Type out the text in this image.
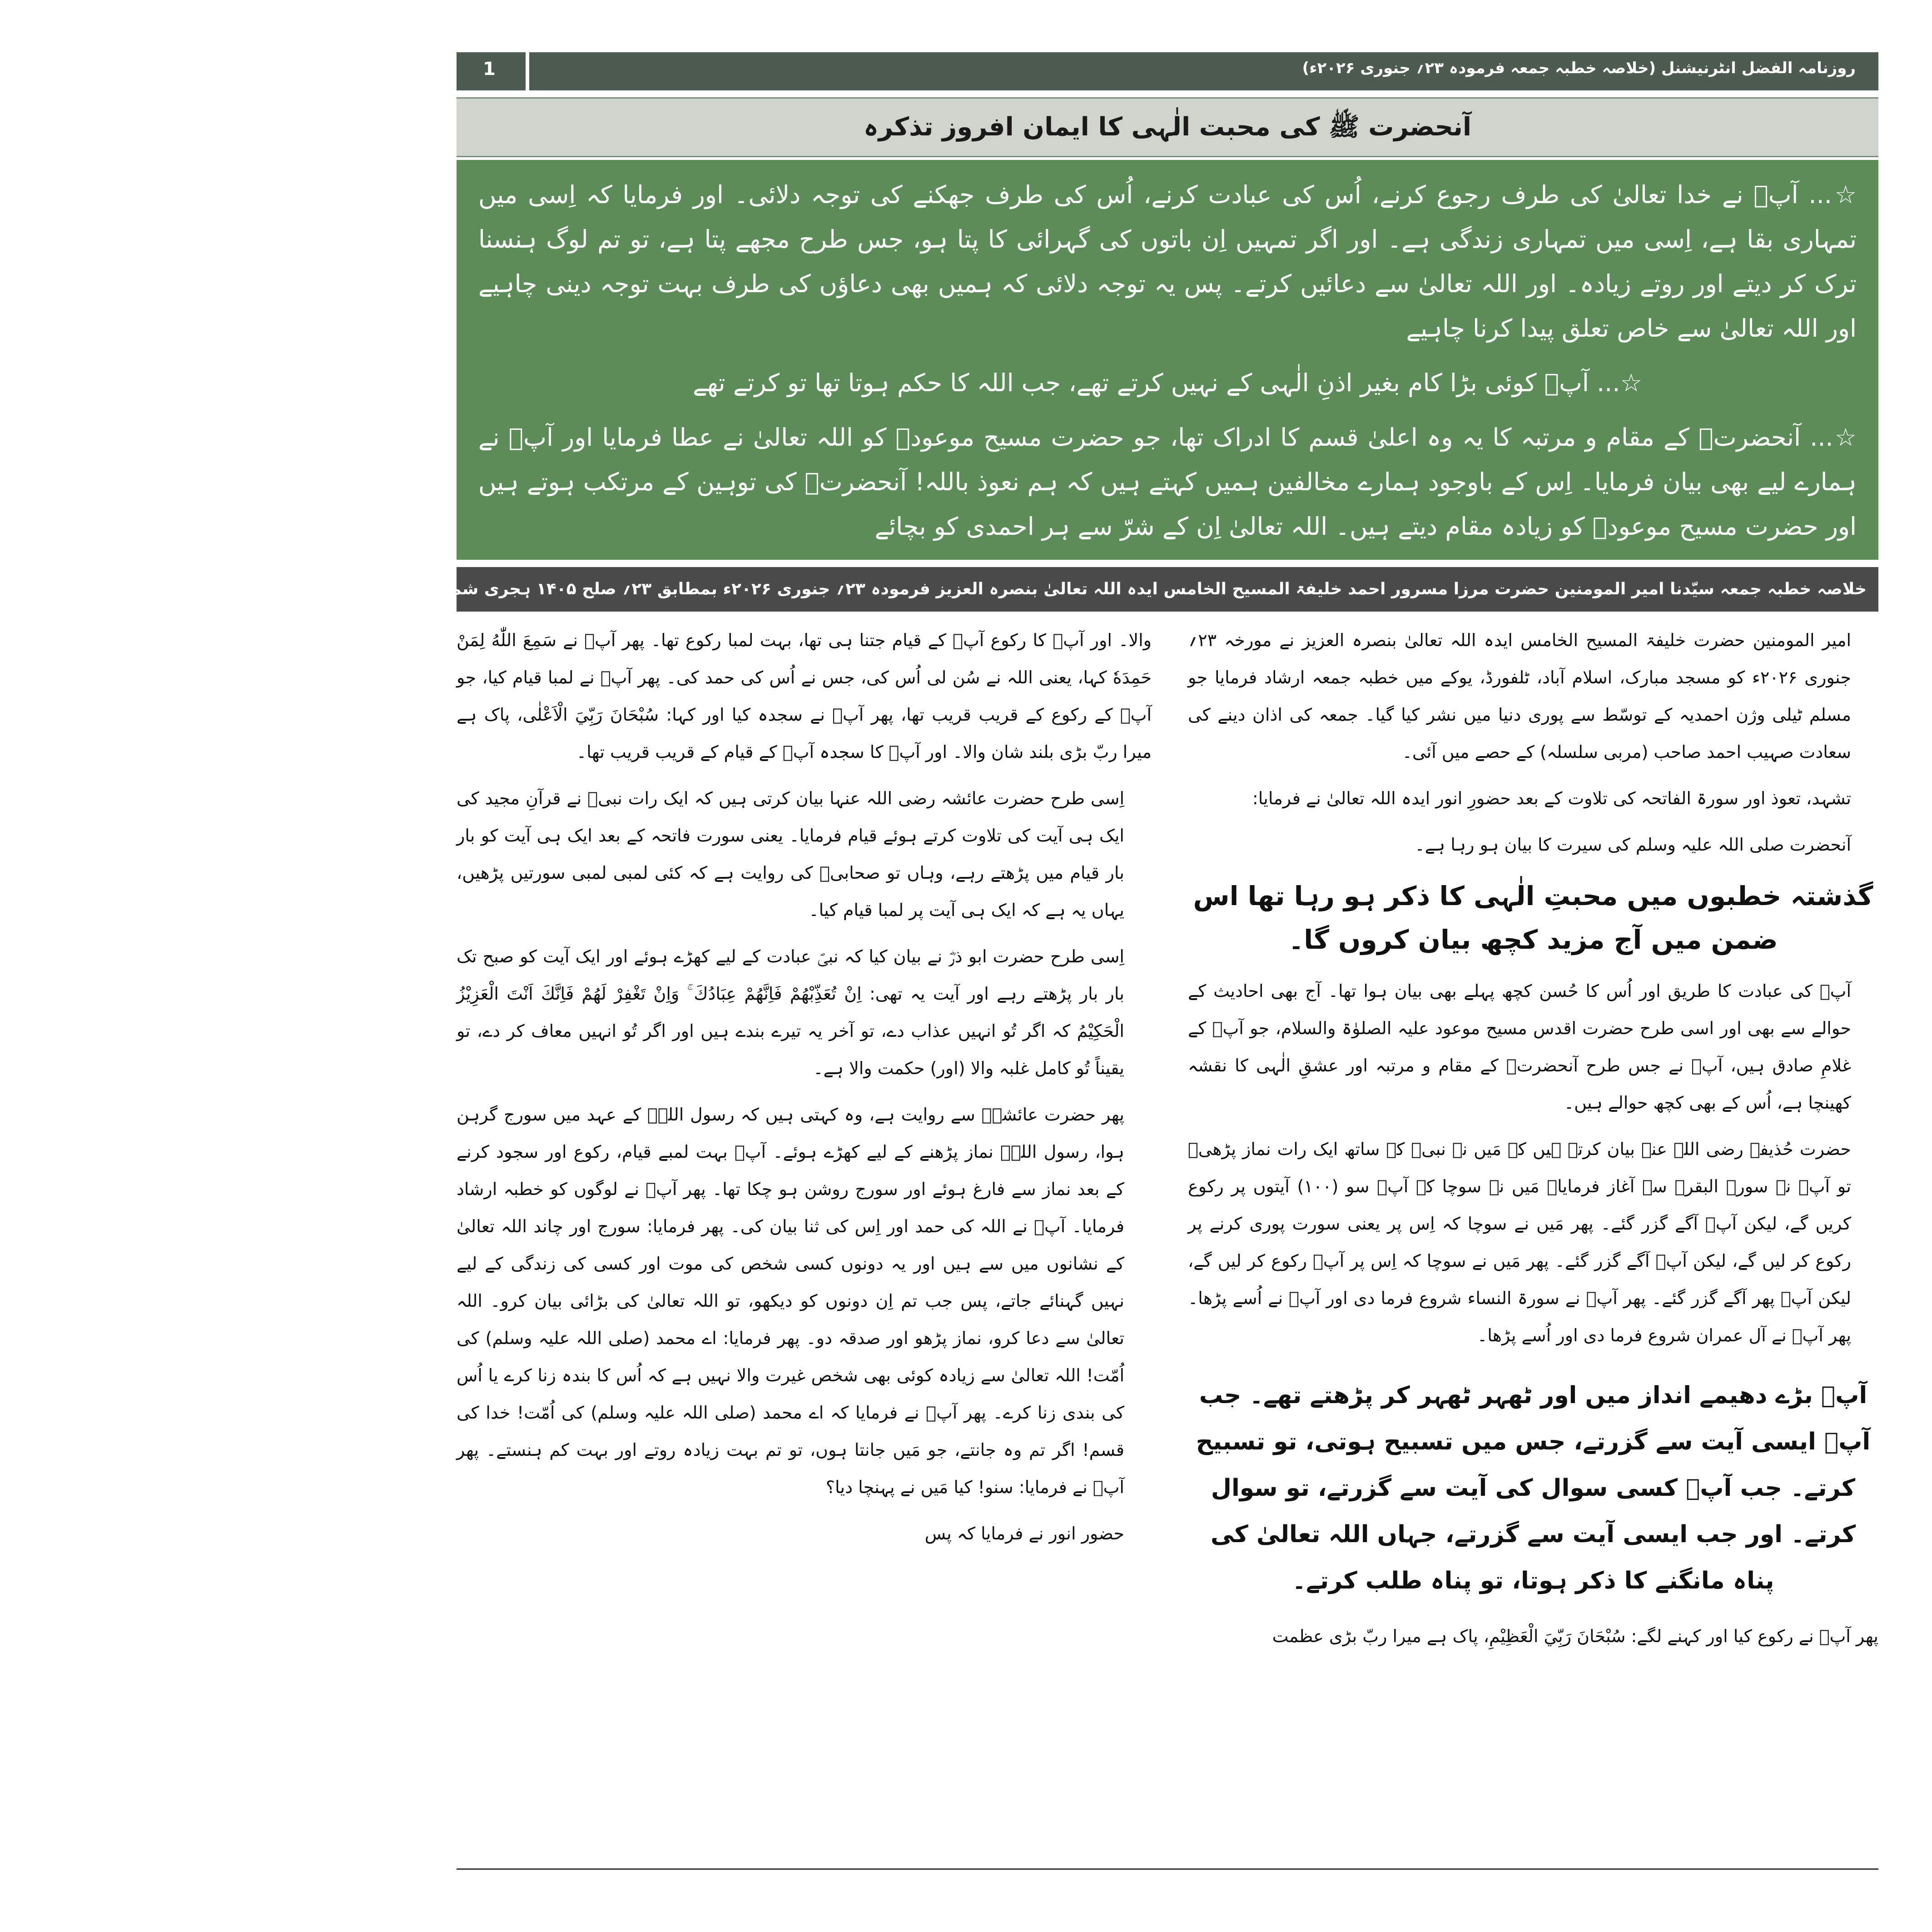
روزنامہ الفضل انٹرنیشنل (خلاصہ خطبہ جمعہ فرمودہ ۲۳؍ جنوری ۲۰۲۶ء)
1
آنحضرت ﷺ کی محبت الٰہی کا ایمان افروز تذکرہ

☆... آپؐ نے خدا تعالیٰ کی طرف رجوع کرنے، اُس کی عبادت کرنے، اُس کی طرف جھکنے کی توجہ دلائی۔ اور فرمایا کہ اِسی میں تمہاری بقا ہے، اِسی میں تمہاری زندگی ہے۔ اور اگر تمہیں اِن باتوں کی گہرائی کا پتا ہو، جس طرح مجھے پتا ہے، تو تم لوگ ہنسنا ترک کر دیتے اور روتے زیادہ۔ اور اللہ تعالیٰ سے دعائیں کرتے۔ پس یہ توجہ دلائی کہ ہمیں بھی دعاؤں کی طرف بہت توجہ دینی چاہیے اور اللہ تعالیٰ سے خاص تعلق پیدا کرنا چاہیے

☆... آپؐ کوئی بڑا کام بغیر اذنِ الٰہی کے نہیں کرتے تھے، جب اللہ کا حکم ہوتا تھا تو کرتے تھے

☆... آنحضرتؐ کے مقام و مرتبہ کا یہ وہ اعلیٰ قسم کا ادراک تھا، جو حضرت مسیح موعودؑ کو اللہ تعالیٰ نے عطا فرمایا اور آپؑ نے ہمارے لیے بھی بیان فرمایا۔ اِس کے باوجود ہمارے مخالفین ہمیں کہتے ہیں کہ ہم نعوذ باللہ! آنحضرتؐ کی توہین کے مرتکب ہوتے ہیں اور حضرت مسیح موعودؑ کو زیادہ مقام دیتے ہیں۔ اللہ تعالیٰ اِن کے شرّ سے ہر احمدی کو بچائے

خلاصہ خطبہ جمعہ سیّدنا امیر المومنین حضرت مرزا مسرور احمد خلیفۃ المسیح الخامس ایدہ اللہ تعالیٰ بنصرہ العزیز فرمودہ ۲۳؍ جنوری ۲۰۲۶ء بمطابق ۲۳؍ صلح ۱۴۰۵ ہجری شمسی بمقام مسجد مبارک، اسلام آباد، ٹلفورڈ (سرے)، یوکے

امیر المومنین حضرت خلیفۃ المسیح الخامس ایدہ اللہ تعالیٰ بنصرہ العزیز نے مورخہ ۲۳؍ جنوری ۲۰۲۶ء کو مسجد مبارک، اسلام آباد، ٹلفورڈ، یوکے میں خطبہ جمعہ ارشاد فرمایا جو مسلم ٹیلی وژن احمدیہ کے توسّط سے پوری دنیا میں نشر کیا گیا۔ جمعہ کی اذان دینے کی سعادت صہیب احمد صاحب (مربی سلسلہ) کے حصے میں آئی۔

تشہد، تعوذ اور سورۃ الفاتحہ کی تلاوت کے بعد حضورِ انور ایدہ اللہ تعالیٰ نے فرمایا:

آنحضرت صلی اللہ علیہ وسلم کی سیرت کا بیان ہو رہا ہے۔

گذشتہ خطبوں میں محبتِ الٰہی کا ذکر ہو رہا تھا اس ضمن میں آج مزید کچھ بیان کروں گا۔

آپؐ کی عبادت کا طریق اور اُس کا حُسن کچھ پہلے بھی بیان ہوا تھا۔ آج بھی احادیث کے حوالے سے بھی اور اسی طرح حضرت اقدس مسیح موعود علیہ الصلوٰۃ والسلام، جو آپؐ کے غلامِ صادق ہیں، آپؑ نے جس طرح آنحضرتؐ کے مقام و مرتبہ اور عشقِ الٰہی کا نقشہ کھینچا ہے، اُس کے بھی کچھ حوالے ہیں۔

حضرت حُذیفہ رضی اللہ عنہ بیان کرتے ہیں کہ مَیں نے نبیؐ کے ساتھ ایک رات نماز پڑھی۔ تو آپؐ نے سورۃ البقرہ سے آغاز فرمایا۔ مَیں نے سوچا کہ آپؐ سو (۱۰۰) آیتوں پر رکوع کریں گے، لیکن آپؐ آگے گزر گئے۔ پھر مَیں نے سوچا کہ اِس پر یعنی سورت پوری کرنے پر رکوع کر لیں گے، لیکن آپؐ آگے گزر گئے۔ پھر مَیں نے سوچا کہ اِس پر آپؐ رکوع کر لیں گے، لیکن آپؐ پھر آگے گزر گئے۔ پھر آپؐ نے سورۃ النساء شروع فرما دی اور آپؐ نے اُسے پڑھا۔ پھر آپؐ نے آل عمران شروع فرما دی اور اُسے پڑھا۔

آپؐ بڑے دھیمے انداز میں اور ٹھہر ٹھہر کر پڑھتے تھے۔ جب آپؐ ایسی آیت سے گزرتے، جس میں تسبیح ہوتی، تو تسبیح کرتے۔ جب آپؐ کسی سوال کی آیت سے گزرتے، تو سوال کرتے۔ اور جب ایسی آیت سے گزرتے، جہاں اللہ تعالیٰ کی پناہ مانگنے کا ذکر ہوتا، تو پناہ طلب کرتے۔

پھر آپؐ نے رکوع کیا اور کہنے لگے: سُبْحَانَ رَبِّيَ الْعَظِيْمِ، پاک ہے میرا ربّ بڑی عظمت

والا۔ اور آپؐ کا رکوع آپؐ کے قیام جتنا ہی تھا، بہت لمبا رکوع تھا۔ پھر آپؐ نے سَمِعَ اللّٰهُ لِمَنْ حَمِدَهٗ کہا، یعنی اللہ نے سُن لی اُس کی، جس نے اُس کی حمد کی۔ پھر آپؐ نے لمبا قیام کیا، جو آپؐ کے رکوع کے قریب قریب تھا، پھر آپؐ نے سجدہ کیا اور کہا: سُبْحَانَ رَبِّيَ الْاَعْلٰى، پاک ہے میرا ربّ بڑی بلند شان والا۔ اور آپؐ کا سجدہ آپؐ کے قیام کے قریب قریب تھا۔

اِسی طرح حضرت عائشہ رضی اللہ عنہا بیان کرتی ہیں کہ ایک رات نبیؐ نے قرآنِ مجید کی ایک ہی آیت کی تلاوت کرتے ہوئے قیام فرمایا۔ یعنی سورت فاتحہ کے بعد ایک ہی آیت کو بار بار قیام میں پڑھتے رہے، وہاں تو صحابیؓ کی روایت ہے کہ کئی لمبی لمبی سورتیں پڑھیں، یہاں یہ ہے کہ ایک ہی آیت پر لمبا قیام کیا۔

اِسی طرح حضرت ابو ذرؓ نے بیان کیا کہ نبیؐ عبادت کے لیے کھڑے ہوئے اور ایک آیت کو صبح تک بار بار پڑھتے رہے اور آیت یہ تھی: اِنْ تُعَذِّبْهُمْ فَاِنَّهُمْ عِبَادُكَ ۚ وَاِنْ تَغْفِرْ لَهُمْ فَاِنَّكَ اَنْتَ الْعَزِيْزُ الْحَكِيْمُ کہ اگر تُو انہیں عذاب دے، تو آخر یہ تیرے بندے ہیں اور اگر تُو انہیں معاف کر دے، تو یقیناً تُو کامل غلبہ والا (اور) حکمت والا ہے۔

پھر حضرت عائشہؓ سے روایت ہے، وہ کہتی ہیں کہ رسول اللہؐ کے عہد میں سورج گرہن ہوا، رسول اللہؐ نماز پڑھنے کے لیے کھڑے ہوئے۔ آپؐ بہت لمبے قیام، رکوع اور سجود کرنے کے بعد نماز سے فارغ ہوئے اور سورج روشن ہو چکا تھا۔ پھر آپؐ نے لوگوں کو خطبہ ارشاد فرمایا۔ آپؐ نے اللہ کی حمد اور اِس کی ثنا بیان کی۔ پھر فرمایا: سورج اور چاند اللہ تعالیٰ کے نشانوں میں سے ہیں اور یہ دونوں کسی شخص کی موت اور کسی کی زندگی کے لیے نہیں گہنائے جاتے، پس جب تم اِن دونوں کو دیکھو، تو اللہ تعالیٰ کی بڑائی بیان کرو۔ اللہ تعالیٰ سے دعا کرو، نماز پڑھو اور صدقہ دو۔ پھر فرمایا: اے محمد (صلی اللہ علیہ وسلم) کی اُمّت! اللہ تعالیٰ سے زیادہ کوئی بھی شخص غیرت والا نہیں ہے کہ اُس کا بندہ زنا کرے یا اُس کی بندی زنا کرے۔ پھر آپؐ نے فرمایا کہ اے محمد (صلی اللہ علیہ وسلم) کی اُمّت! خدا کی قسم! اگر تم وہ جانتے، جو مَیں جانتا ہوں، تو تم بہت زیادہ روتے اور بہت کم ہنستے۔ پھر آپؐ نے فرمایا: سنو! کیا مَیں نے پہنچا دیا؟

حضور انور نے فرمایا کہ پس
